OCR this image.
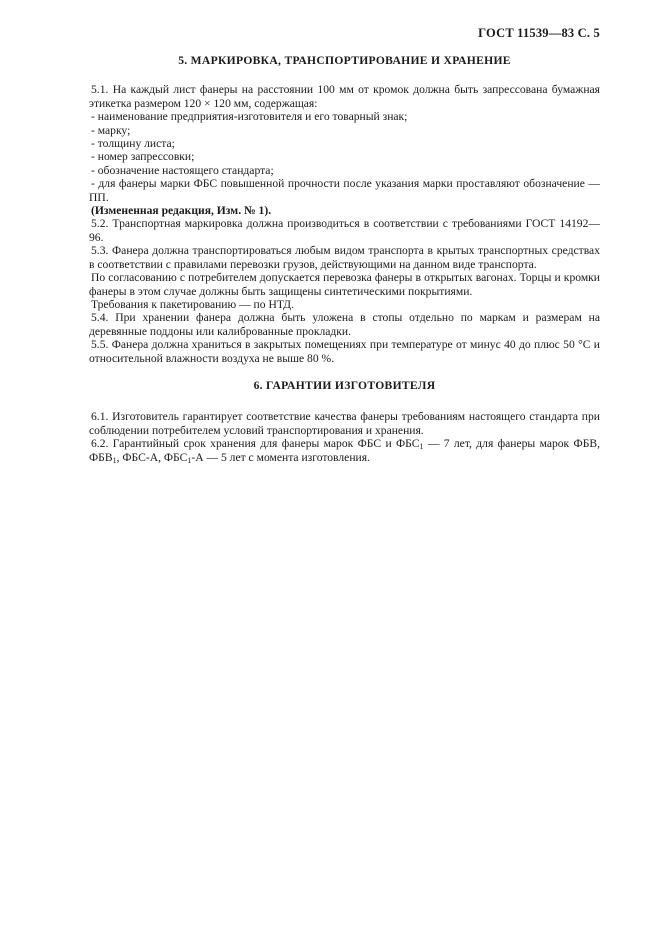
ГОСТ 11539—83 С. 5
5. МАРКИРОВКА, ТРАНСПОРТИРОВАНИЕ И ХРАНЕНИЕ

5.1. На каждый лист фанеры на расстоянии 100 мм от кромок должна быть запрессована бумажная этикетка размером 120 × 120 мм, содержащая:

- наименование предприятия-изготовителя и его товарный знак;

- марку;

- толщину листа;

- номер запрессовки;

- обозначение настоящего стандарта;

- для фанеры марки ФБС повышенной прочности после указания марки проставляют обозначение — ПП.

(Измененная редакция, Изм. № 1).

5.2. Транспортная маркировка должна производиться в соответствии с требованиями ГОСТ 14192—96.

5.3. Фанера должна транспортироваться любым видом транспорта в крытых транспортных средствах в соответствии с правилами перевозки грузов, действующими на данном виде транспорта.

По согласованию с потребителем допускается перевозка фанеры в открытых вагонах. Торцы и кромки фанеры в этом случае должны быть защищены синтетическими покрытиями.

Требования к пакетированию — по НТД.

5.4. При хранении фанера должна быть уложена в стопы отдельно по маркам и размерам на деревянные поддоны или калиброванные прокладки.

5.5. Фанера должна храниться в закрытых помещениях при температуре от минус 40 до плюс 50 °С и относительной влажности воздуха не выше 80 %.

6. ГАРАНТИИ ИЗГОТОВИТЕЛЯ

6.1. Изготовитель гарантирует соответствие качества фанеры требованиям настоящего стандарта при соблюдении потребителем условий транспортирования и хранения.

6.2. Гарантийный срок хранения для фанеры марок ФБС и $ФБС_1$ — 7 лет, для фанеры марок ФБВ, $ФБВ_1$, ФБС-А, $ФБС_1-А$ — 5 лет с момента изготовления.
